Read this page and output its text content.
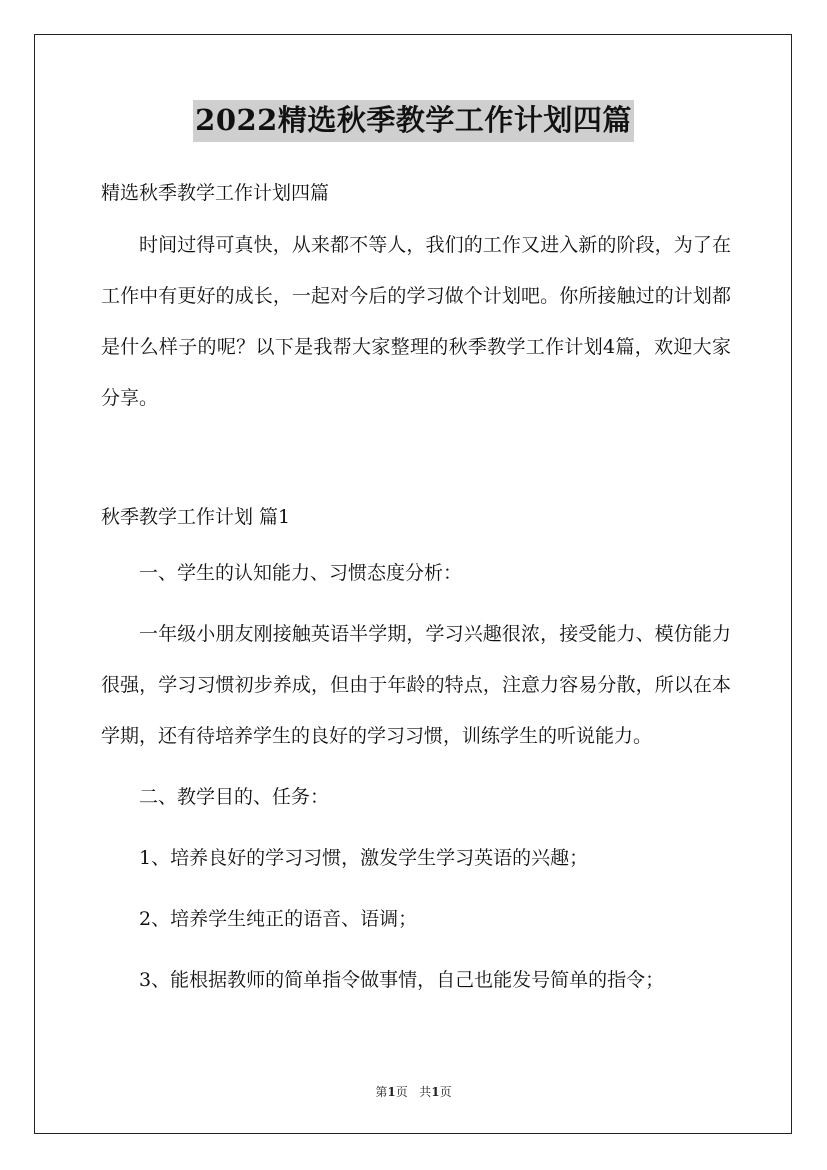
2022精选秋季教学工作计划四篇

精选秋季教学工作计划四篇

时间过得可真快，从来都不等人，我们的工作又进入新的阶段，为了在工作中有更好的成长，一起对今后的学习做个计划吧。你所接触过的计划都是什么样子的呢？以下是我帮大家整理的秋季教学工作计划4篇，欢迎大家分享。

秋季教学工作计划 篇1

一、学生的认知能力、习惯态度分析：

一年级小朋友刚接触英语半学期，学习兴趣很浓，接受能力、模仿能力很强，学习习惯初步养成，但由于年龄的特点，注意力容易分散，所以在本学期，还有待培养学生的良好的学习习惯，训练学生的听说能力。

二、教学目的、任务：

1、培养良好的学习习惯，激发学生学习英语的兴趣；

2、培养学生纯正的语音、语调；

3、能根据教师的简单指令做事情，自己也能发号简单的指令；

第1页 共1页
